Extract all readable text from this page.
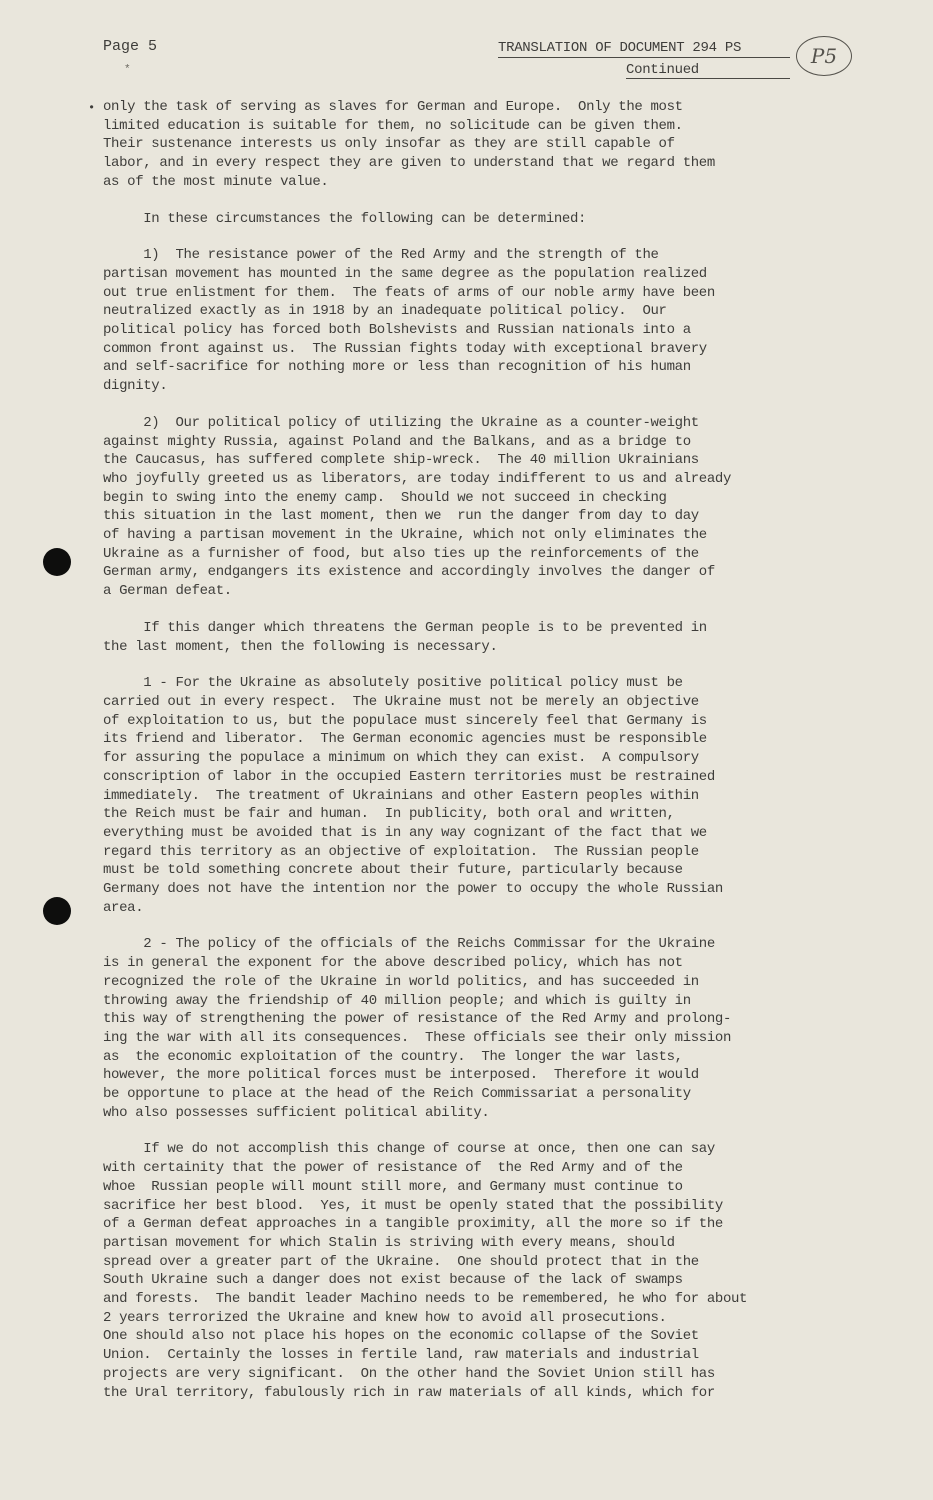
Page 5
*
TRANSLATION OF DOCUMENT 294 PS
Continued
P5
• only the task of serving as slaves for German and Europe.  Only the most
limited education is suitable for them, no solicitude can be given them.
Their sustenance interests us only insofar as they are still capable of
labor, and in every respect they are given to understand that we regard them
as of the most minute value.

In these circumstances the following can be determined:

1)  The resistance power of the Red Army and the strength of the
partisan movement has mounted in the same degree as the population realized
out true enlistment for them.  The feats of arms of our noble army have been
neutralized exactly as in 1918 by an inadequate political policy.  Our
political policy has forced both Bolshevists and Russian nationals into a
common front against us.  The Russian fights today with exceptional bravery
and self-sacrifice for nothing more or less than recognition of his human
dignity.

2)  Our political policy of utilizing the Ukraine as a counter-weight
against mighty Russia, against Poland and the Balkans, and as a bridge to
the Caucasus, has suffered complete ship-wreck.  The 40 million Ukrainians
who joyfully greeted us as liberators, are today indifferent to us and already
begin to swing into the enemy camp.  Should we not succeed in checking
this situation in the last moment, then we  run the danger from day to day
of having a partisan movement in the Ukraine, which not only eliminates the
Ukraine as a furnisher of food, but also ties up the reinforcements of the
German army, endgangers its existence and accordingly involves the danger of
a German defeat.

If this danger which threatens the German people is to be prevented in
the last moment, then the following is necessary.

1 - For the Ukraine as absolutely positive political policy must be
carried out in every respect.  The Ukraine must not be merely an objective
of exploitation to us, but the populace must sincerely feel that Germany is
its friend and liberator.  The German economic agencies must be responsible
for assuring the populace a minimum on which they can exist.  A compulsory
conscription of labor in the occupied Eastern territories must be restrained
immediately.  The treatment of Ukrainians and other Eastern peoples within
the Reich must be fair and human.  In publicity, both oral and written,
everything must be avoided that is in any way cognizant of the fact that we
regard this territory as an objective of exploitation.  The Russian people
must be told something concrete about their future, particularly because
Germany does not have the intention nor the power to occupy the whole Russian
area.

2 - The policy of the officials of the Reichs Commissar for the Ukraine
is in general the exponent for the above described policy, which has not
recognized the role of the Ukraine in world politics, and has succeeded in
throwing away the friendship of 40 million people; and which is guilty in
this way of strengthening the power of resistance of the Red Army and prolong-
ing the war with all its consequences.  These officials see their only mission
as  the economic exploitation of the country.  The longer the war lasts,
however, the more political forces must be interposed.  Therefore it would
be opportune to place at the head of the Reich Commissariat a personality
who also possesses sufficient political ability.

If we do not accomplish this change of course at once, then one can say
with certainity that the power of resistance of  the Red Army and of the
whoe  Russian people will mount still more, and Germany must continue to
sacrifice her best blood.  Yes, it must be openly stated that the possibility
of a German defeat approaches in a tangible proximity, all the more so if the
partisan movement for which Stalin is striving with every means, should
spread over a greater part of the Ukraine.  One should protect that in the
South Ukraine such a danger does not exist because of the lack of swamps
and forests.  The bandit leader Machino needs to be remembered, he who for about
2 years terrorized the Ukraine and knew how to avoid all prosecutions.
One should also not place his hopes on the economic collapse of the Soviet
Union.  Certainly the losses in fertile land, raw materials and industrial
projects are very significant.  On the other hand the Soviet Union still has
the Ural territory, fabulously rich in raw materials of all kinds, which for
